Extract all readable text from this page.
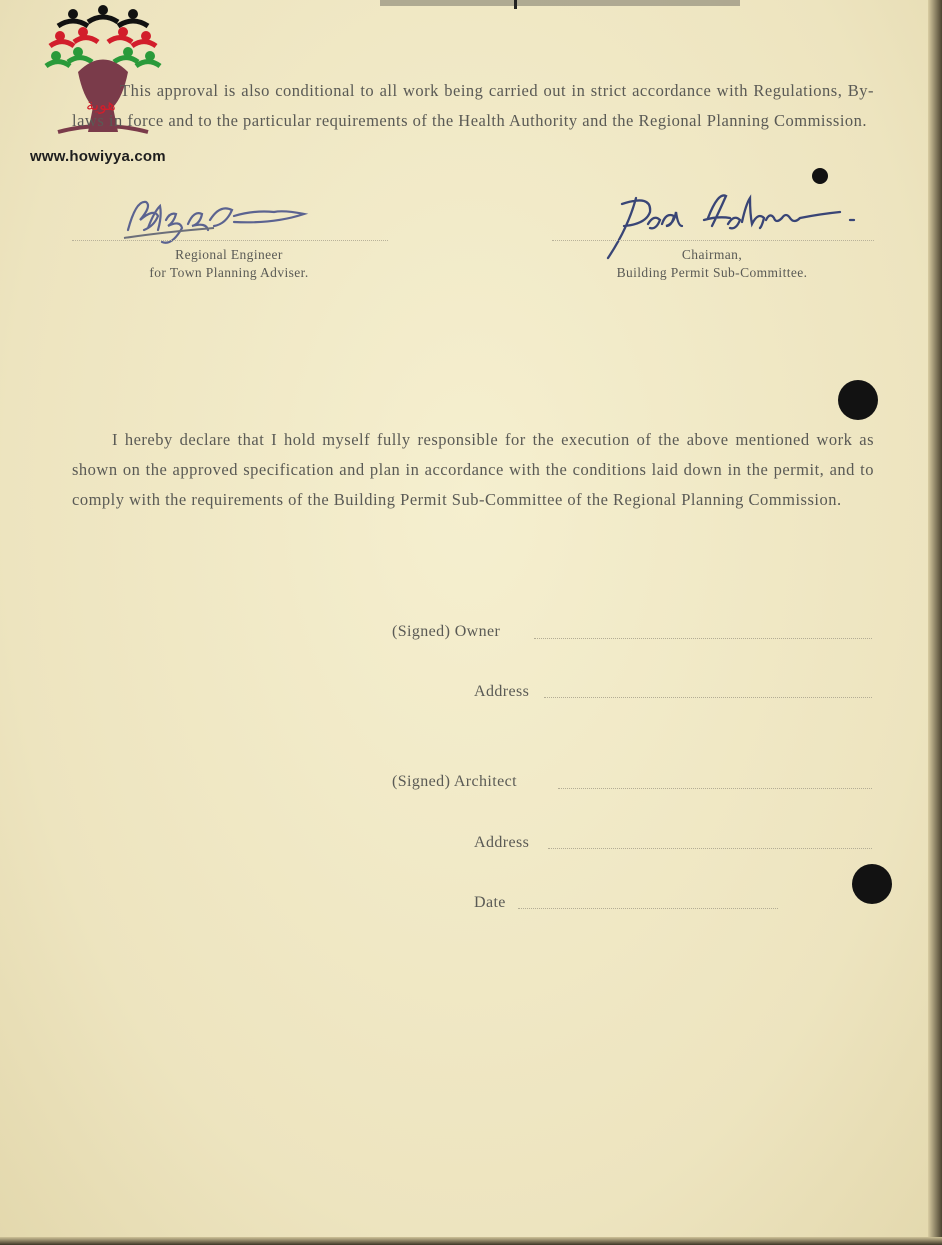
ﻫﻮﻳﺔ
www.howiyya.com

This approval is also conditional to all work being carried out in strict accordance with Regulations, By-laws in force and to the particular requirements of the Health Authority and the Regional Planning Commission.

Regional Engineer
for Town Planning Adviser.
Chairman,
Building Permit Sub-Committee.

I hereby declare that I hold myself fully responsible for the execution of the above mentioned work as shown on the approved specification and plan in accordance with the conditions laid down in the permit, and to comply with the requirements of the Building Permit Sub-Committee of the Regional Planning Commission.

(Signed) Owner
Address
(Signed) Architect
Address
Date
